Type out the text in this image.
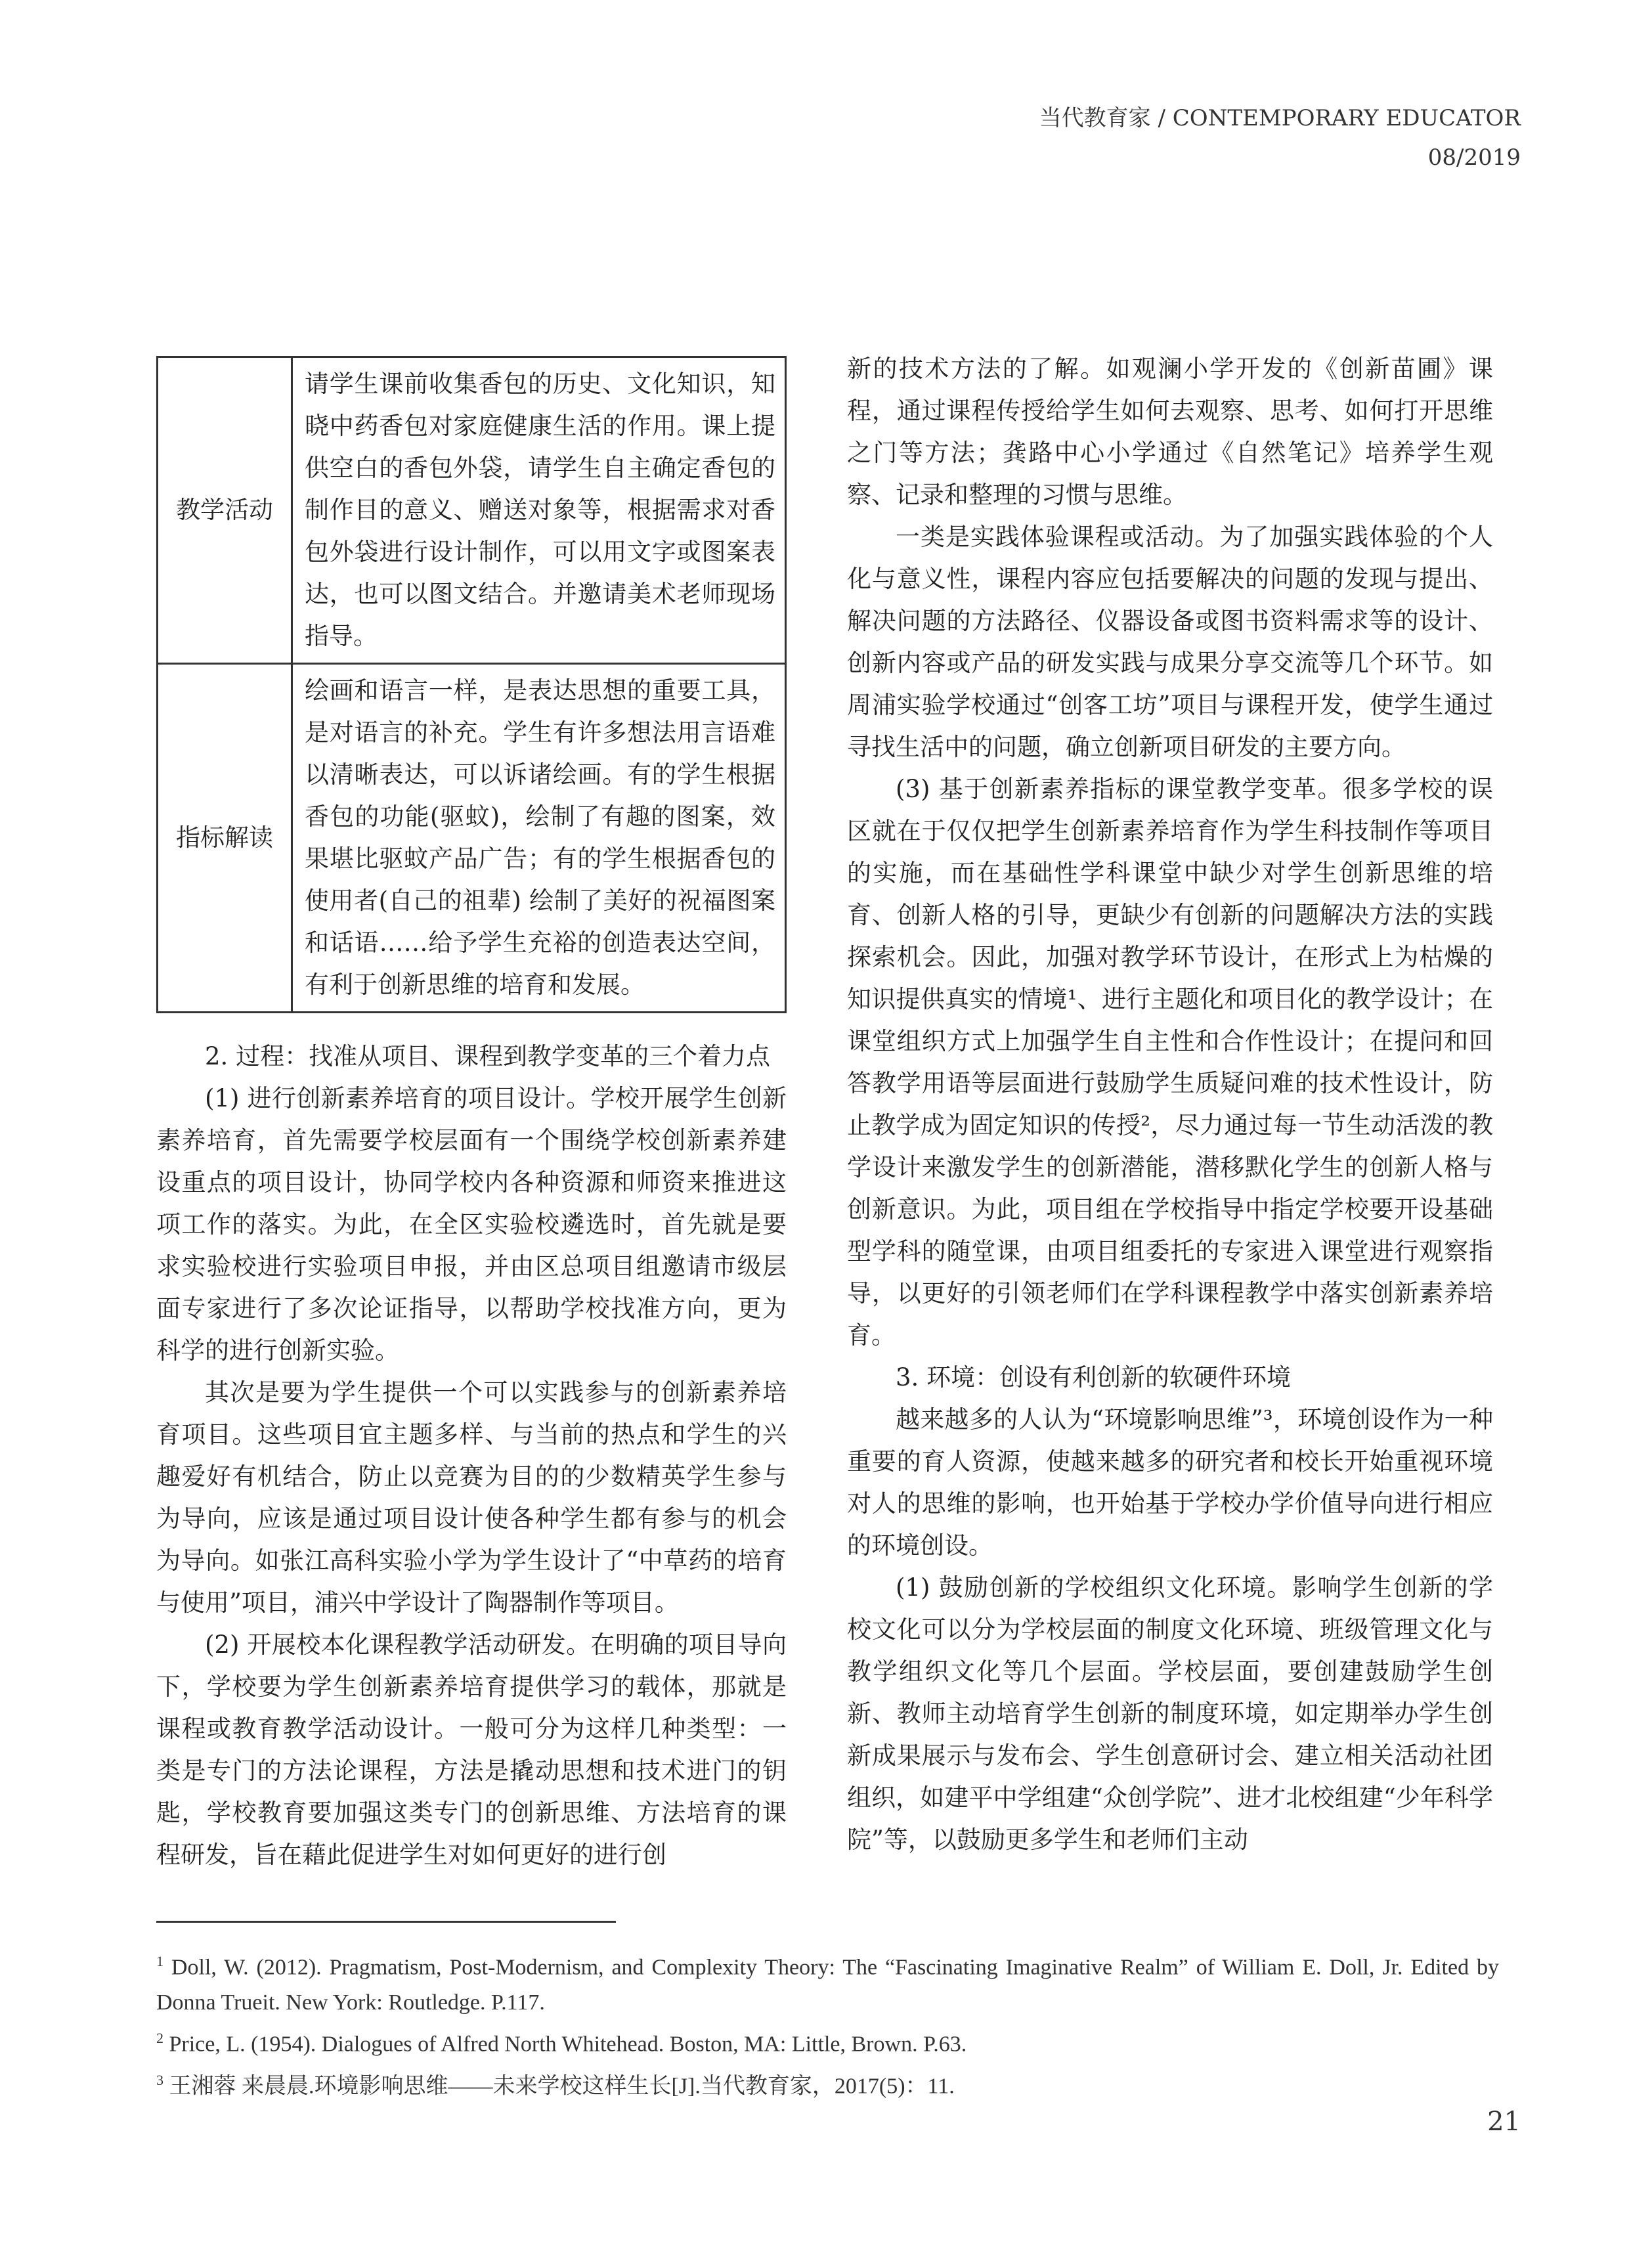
当代教育家 / CONTEMPORARY EDUCATOR
08/2019
教学活动	请学生课前收集香包的历史、文化知识，知晓中药香包对家庭健康生活的作用。课上提供空白的香包外袋，请学生自主确定香包的制作目的意义、赠送对象等，根据需求对香包外袋进行设计制作，可以用文字或图案表达，也可以图文结合。并邀请美术老师现场指导。
指标解读	绘画和语言一样，是表达思想的重要工具，是对语言的补充。学生有许多想法用言语难以清晰表达，可以诉诸绘画。有的学生根据香包的功能(驱蚊)，绘制了有趣的图案，效果堪比驱蚊产品广告；有的学生根据香包的使用者(自己的祖辈) 绘制了美好的祝福图案和话语……给予学生充裕的创造表达空间，有利于创新思维的培育和发展。

2. 过程：找准从项目、课程到教学变革的三个着力点

(1) 进行创新素养培育的项目设计。学校开展学生创新素养培育，首先需要学校层面有一个围绕学校创新素养建设重点的项目设计，协同学校内各种资源和师资来推进这项工作的落实。为此，在全区实验校遴选时，首先就是要求实验校进行实验项目申报，并由区总项目组邀请市级层面专家进行了多次论证指导，以帮助学校找准方向，更为科学的进行创新实验。

其次是要为学生提供一个可以实践参与的创新素养培育项目。这些项目宜主题多样、与当前的热点和学生的兴趣爱好有机结合，防止以竞赛为目的的少数精英学生参与为导向，应该是通过项目设计使各种学生都有参与的机会为导向。如张江高科实验小学为学生设计了“中草药的培育与使用”项目，浦兴中学设计了陶器制作等项目。

(2) 开展校本化课程教学活动研发。在明确的项目导向下，学校要为学生创新素养培育提供学习的载体，那就是课程或教育教学活动设计。一般可分为这样几种类型：一类是专门的方法论课程，方法是撬动思想和技术进门的钥匙，学校教育要加强这类专门的创新思维、方法培育的课程研发，旨在藉此促进学生对如何更好的进行创

新的技术方法的了解。如观澜小学开发的《创新苗圃》课程，通过课程传授给学生如何去观察、思考、如何打开思维之门等方法；龚路中心小学通过《自然笔记》培养学生观察、记录和整理的习惯与思维。

一类是实践体验课程或活动。为了加强实践体验的个人化与意义性，课程内容应包括要解决的问题的发现与提出、解决问题的方法路径、仪器设备或图书资料需求等的设计、创新内容或产品的研发实践与成果分享交流等几个环节。如周浦实验学校通过“创客工坊”项目与课程开发，使学生通过寻找生活中的问题，确立创新项目研发的主要方向。

(3) 基于创新素养指标的课堂教学变革。很多学校的误区就在于仅仅把学生创新素养培育作为学生科技制作等项目的实施，而在基础性学科课堂中缺少对学生创新思维的培育、创新人格的引导，更缺少有创新的问题解决方法的实践探索机会。因此，加强对教学环节设计，在形式上为枯燥的知识提供真实的情境¹、进行主题化和项目化的教学设计；在课堂组织方式上加强学生自主性和合作性设计；在提问和回答教学用语等层面进行鼓励学生质疑问难的技术性设计，防止教学成为固定知识的传授²，尽力通过每一节生动活泼的教学设计来激发学生的创新潜能，潜移默化学生的创新人格与创新意识。为此，项目组在学校指导中指定学校要开设基础型学科的随堂课，由项目组委托的专家进入课堂进行观察指导，以更好的引领老师们在学科课程教学中落实创新素养培育。

3. 环境：创设有利创新的软硬件环境

越来越多的人认为“环境影响思维”³，环境创设作为一种重要的育人资源，使越来越多的研究者和校长开始重视环境对人的思维的影响，也开始基于学校办学价值导向进行相应的环境创设。

(1) 鼓励创新的学校组织文化环境。影响学生创新的学校文化可以分为学校层面的制度文化环境、班级管理文化与教学组织文化等几个层面。学校层面，要创建鼓励学生创新、教师主动培育学生创新的制度环境，如定期举办学生创新成果展示与发布会、学生创意研讨会、建立相关活动社团组织，如建平中学组建“众创学院”、进才北校组建“少年科学院”等，以鼓励更多学生和老师们主动

$^1$ Doll, W. (2012). Pragmatism, Post-Modernism, and Complexity Theory: The “Fascinating Imaginative Realm” of William E. Doll, Jr. Edited by Donna Trueit. New York: Routledge. P.117.

$^2$ Price, L. (1954). Dialogues of Alfred North Whitehead. Boston, MA: Little, Brown. P.63.

$^3$ 王湘蓉 来晨晨.环境影响思维——未来学校这样生长[J].当代教育家，2017(5)：11.

21
